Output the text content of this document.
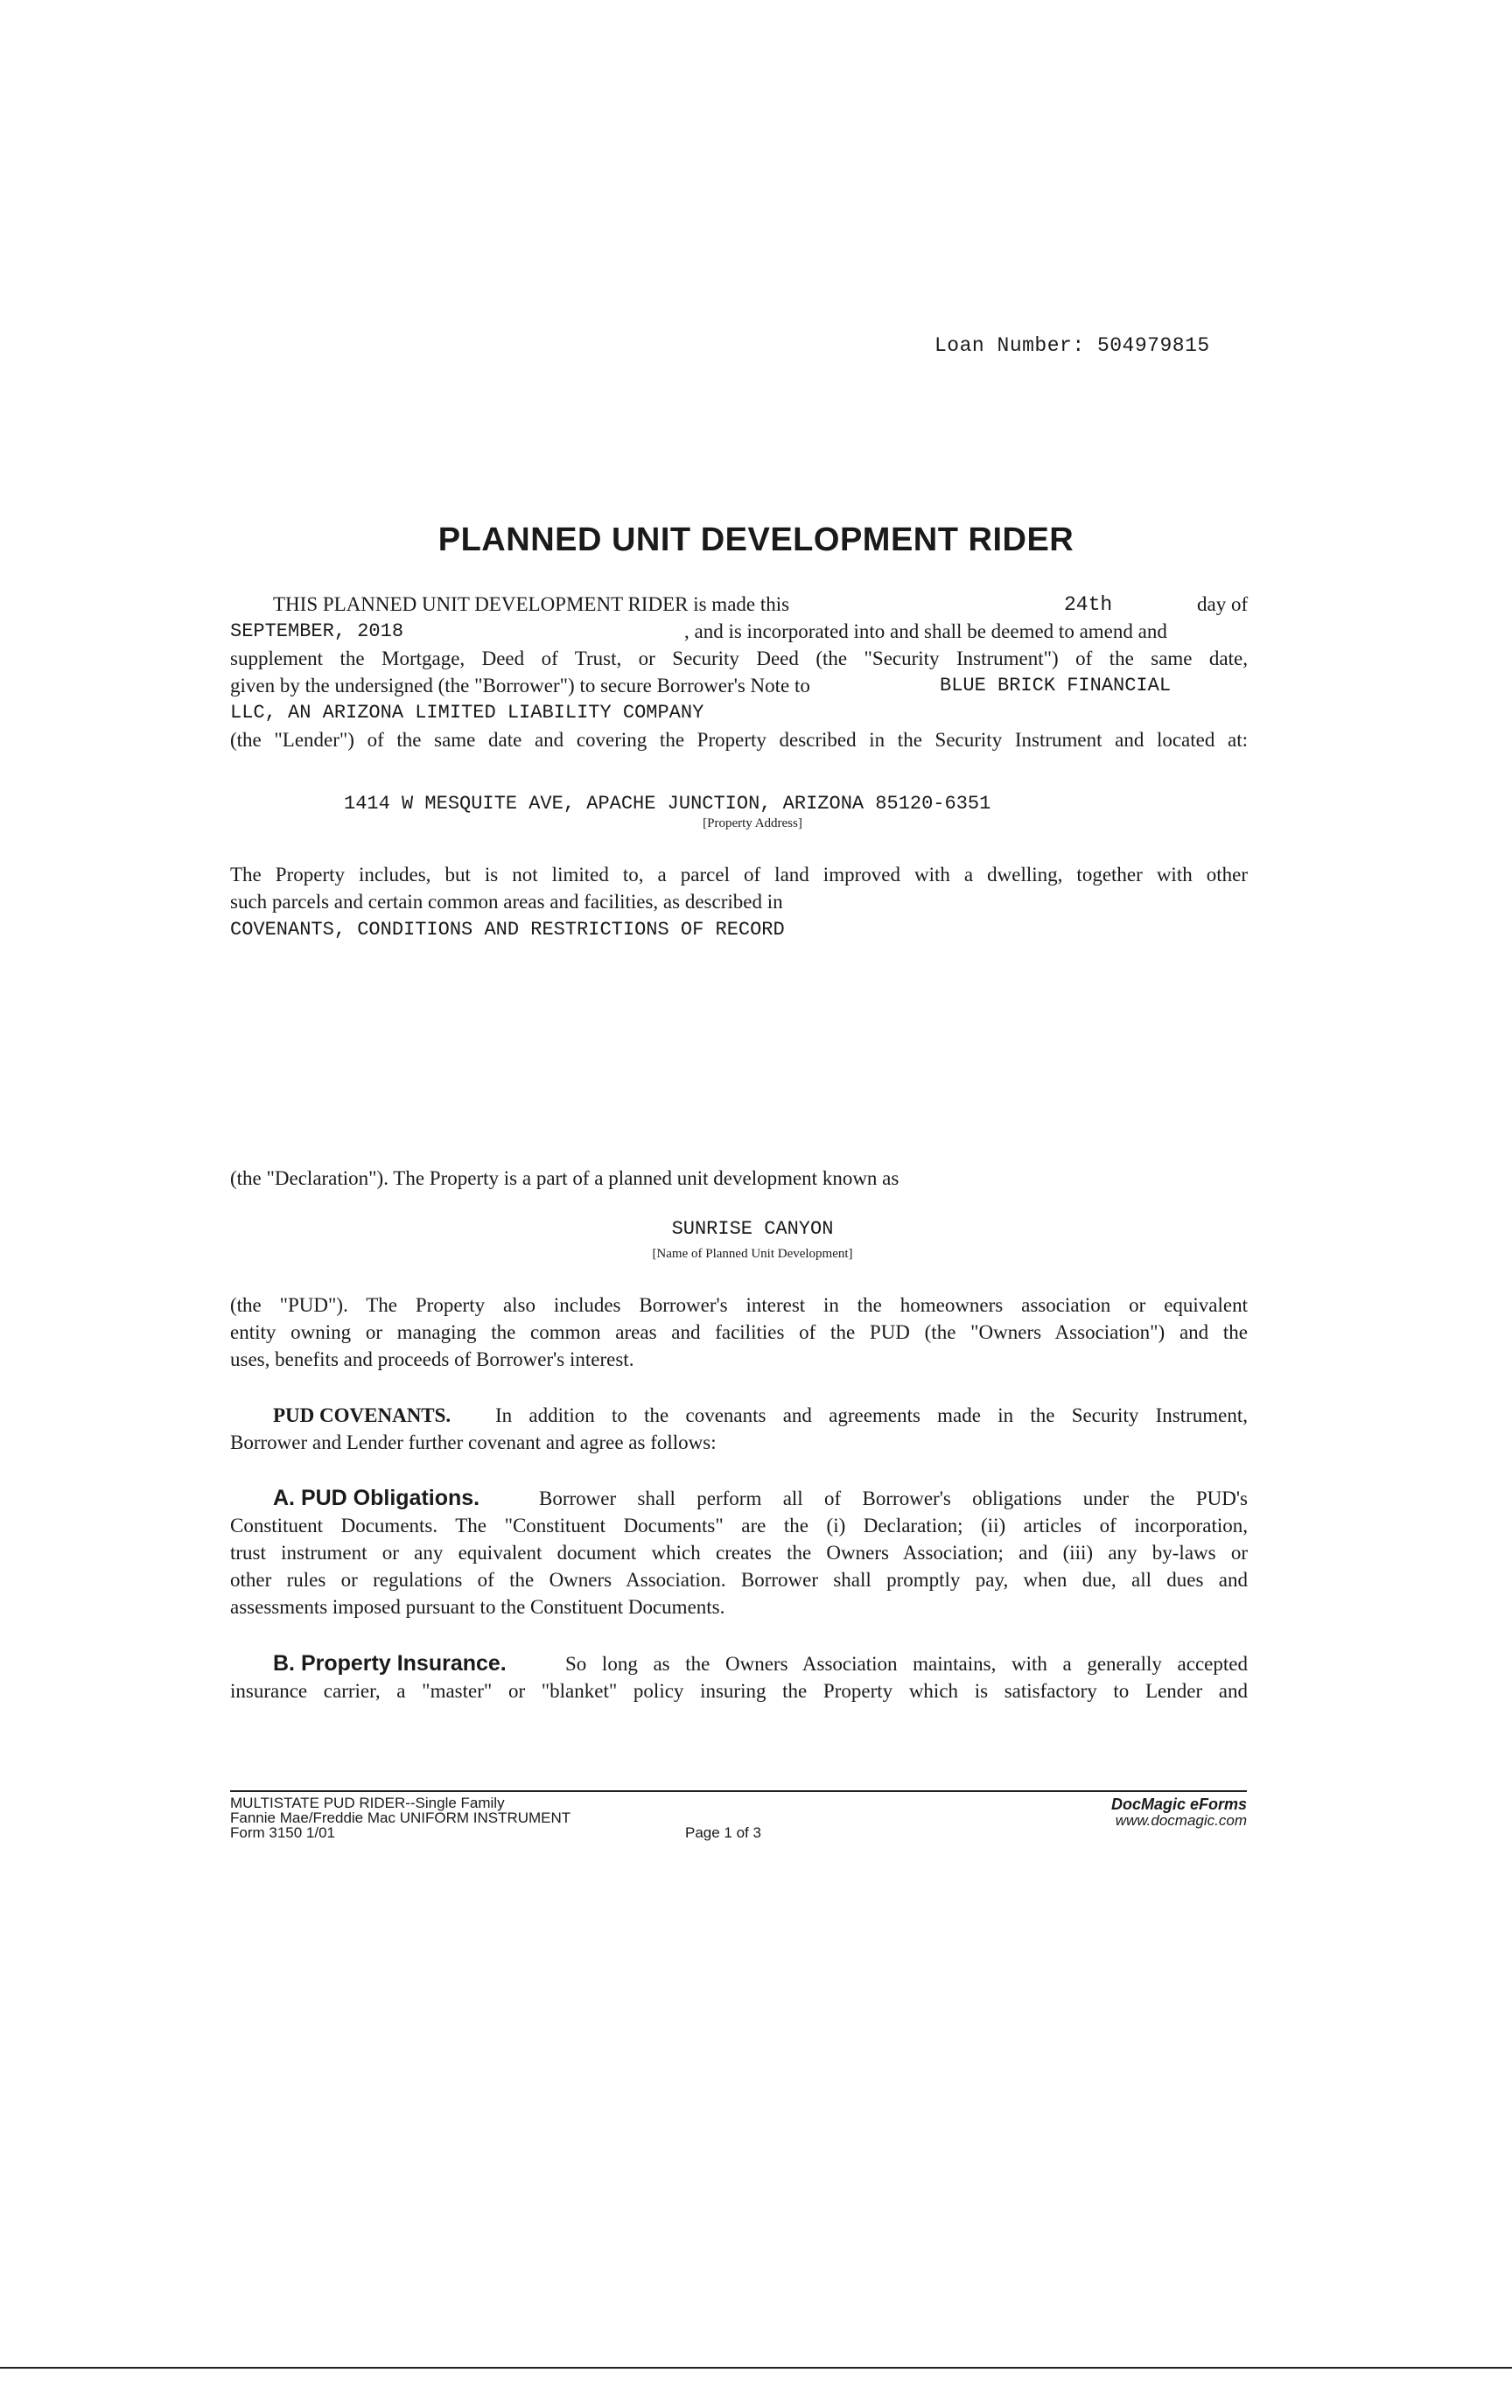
Loan Number: 504979815
PLANNED UNIT DEVELOPMENT RIDER
THIS PLANNED UNIT DEVELOPMENT RIDER is made this	24th	day of
SEPTEMBER, 2018	, and is incorporated into and shall be deemed to amend and
supplement the Mortgage, Deed of Trust, or Security Deed (the "Security Instrument") of the same date,
given by the undersigned (the "Borrower") to secure Borrower's Note to	BLUE BRICK FINANCIAL
LLC, AN ARIZONA LIMITED LIABILITY COMPANY
(the "Lender") of the same date and covering the Property described in the Security Instrument and located at:
1414 W MESQUITE AVE, APACHE JUNCTION, ARIZONA 85120-6351
[Property Address]
The Property includes, but is not limited to, a parcel of land improved with a dwelling, together with other
such parcels and certain common areas and facilities, as described in
COVENANTS, CONDITIONS AND RESTRICTIONS OF RECORD
(the "Declaration"). The Property is a part of a planned unit development known as
SUNRISE CANYON
[Name of Planned Unit Development]
(the "PUD"). The Property also includes Borrower's interest in the homeowners association or equivalent
entity owning or managing the common areas and facilities of the PUD (the "Owners Association") and the
uses, benefits and proceeds of Borrower's interest.
PUD COVENANTS. In addition to the covenants and agreements made in the Security Instrument,
Borrower and Lender further covenant and agree as follows:
A. PUD Obligations.	Borrower shall perform all of Borrower's obligations under the PUD's
Constituent Documents. The "Constituent Documents" are the (i) Declaration; (ii) articles of incorporation,
trust instrument or any equivalent document which creates the Owners Association; and (iii) any by-laws or
other rules or regulations of the Owners Association. Borrower shall promptly pay, when due, all dues and
assessments imposed pursuant to the Constituent Documents.
B. Property Insurance.	So long as the Owners Association maintains, with a generally accepted
insurance carrier, a "master" or "blanket" policy insuring the Property which is satisfactory to Lender and
MULTISTATE PUD RIDER--Single Family
Fannie Mae/Freddie Mac UNIFORM INSTRUMENT
Form 3150 1/01	Page 1 of 3
DocMagic eForms
www.docmagic.com
